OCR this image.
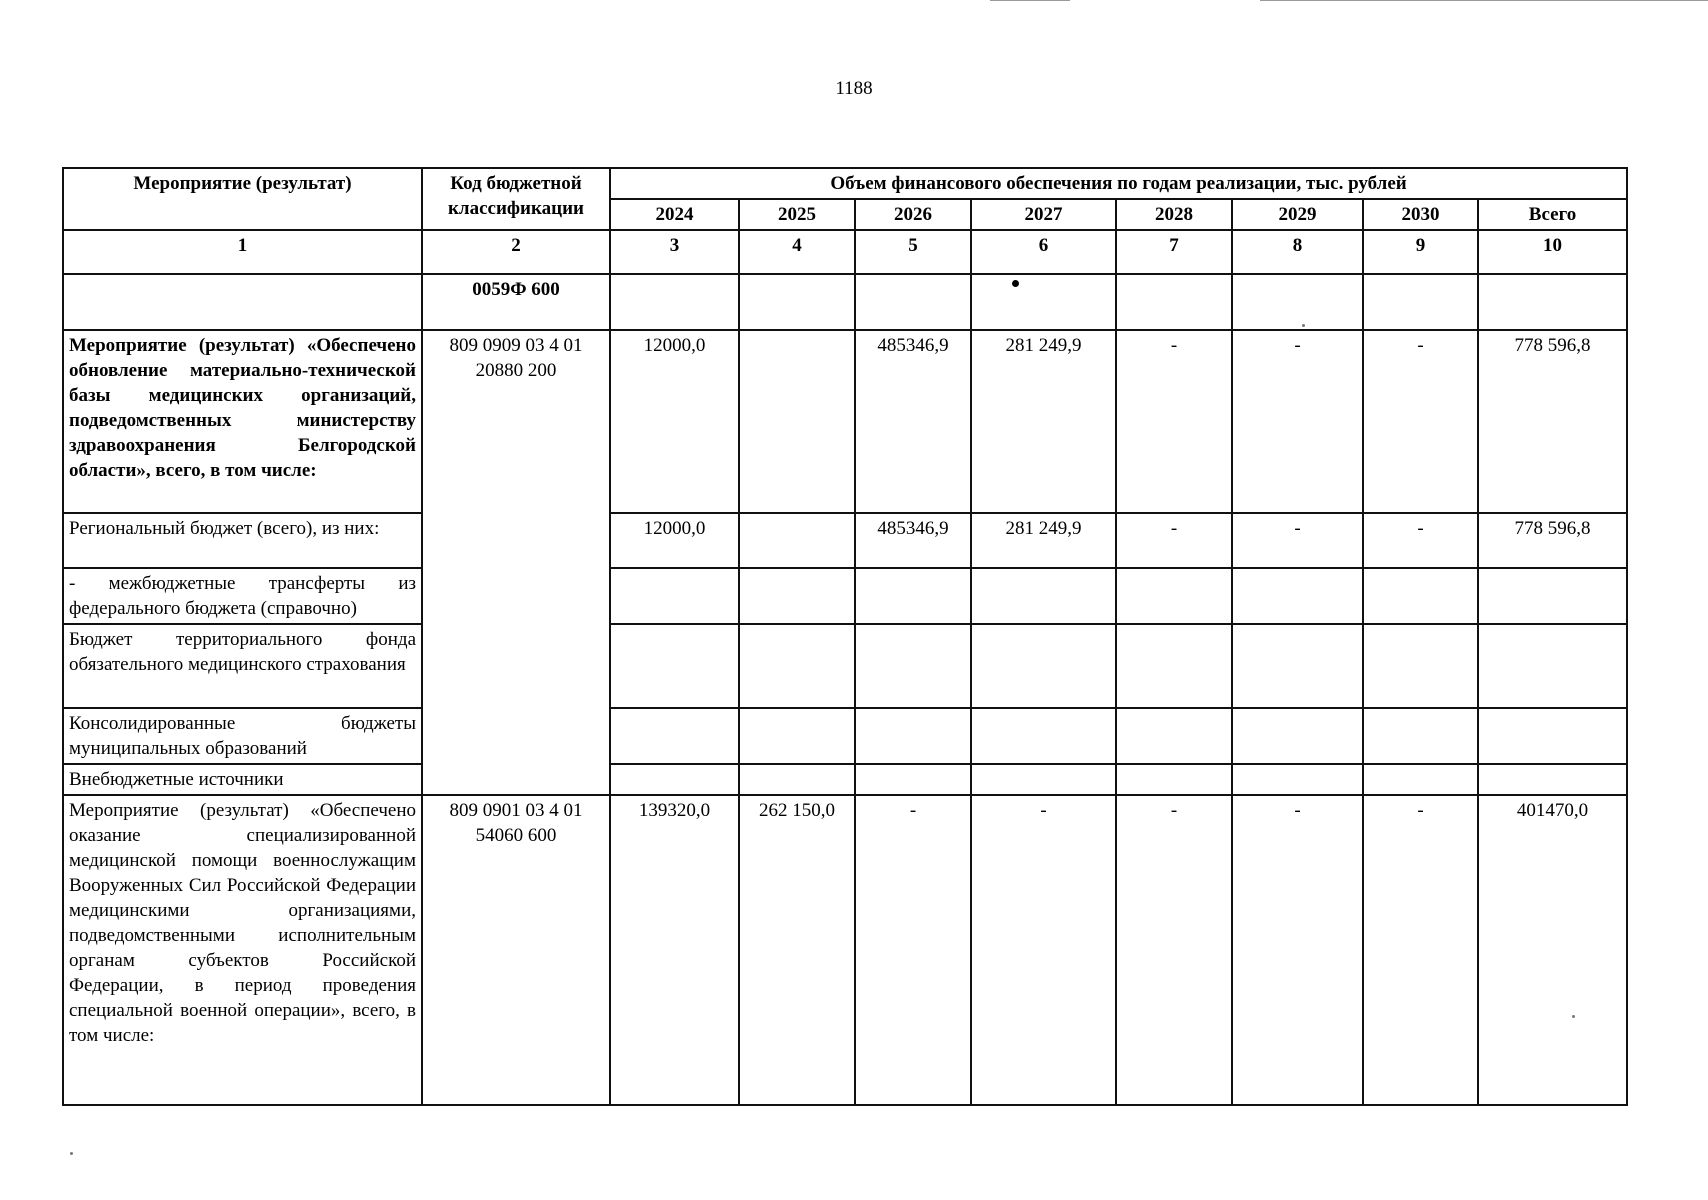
1188
Мероприятие (результат)	Код бюджетной классификации	Объем финансового обеспечения по годам реализации, тыс. рублей							
		2024	2025	2026	2027	2028	2029	2030	Всего
1	2	3	4	5	6	7	8	9	10
	0059Ф 600								
Мероприятие (результат) «Обеспечено обновление материально-технической базы медицинских организаций, подведомственных министерству здравоохранения Белгородской области», всего, в том числе:	809 0909 03 4 01 20880 200	12000,0		485346,9	281 249,9	-	-	-	778 596,8
Региональный бюджет (всего), из них:		12000,0		485346,9	281 249,9	-	-	-	778 596,8
- межбюджетные трансферты из федерального бюджета (справочно)									
Бюджет территориального фонда обязательного медицинского страхования									
Консолидированные бюджеты муниципальных образований									
Внебюджетные источники									
Мероприятие (результат) «Обеспечено оказание специализированной медицинской помощи военнослужащим Вооруженных Сил Российской Федерации медицинскими организациями, подведомственными исполнительным органам субъектов Российской Федерации, в период проведения специальной военной операции», всего, в том числе:	809 0901 03 4 01 54060 600	139320,0	262 150,0	-	-	-	-	-	401470,0
